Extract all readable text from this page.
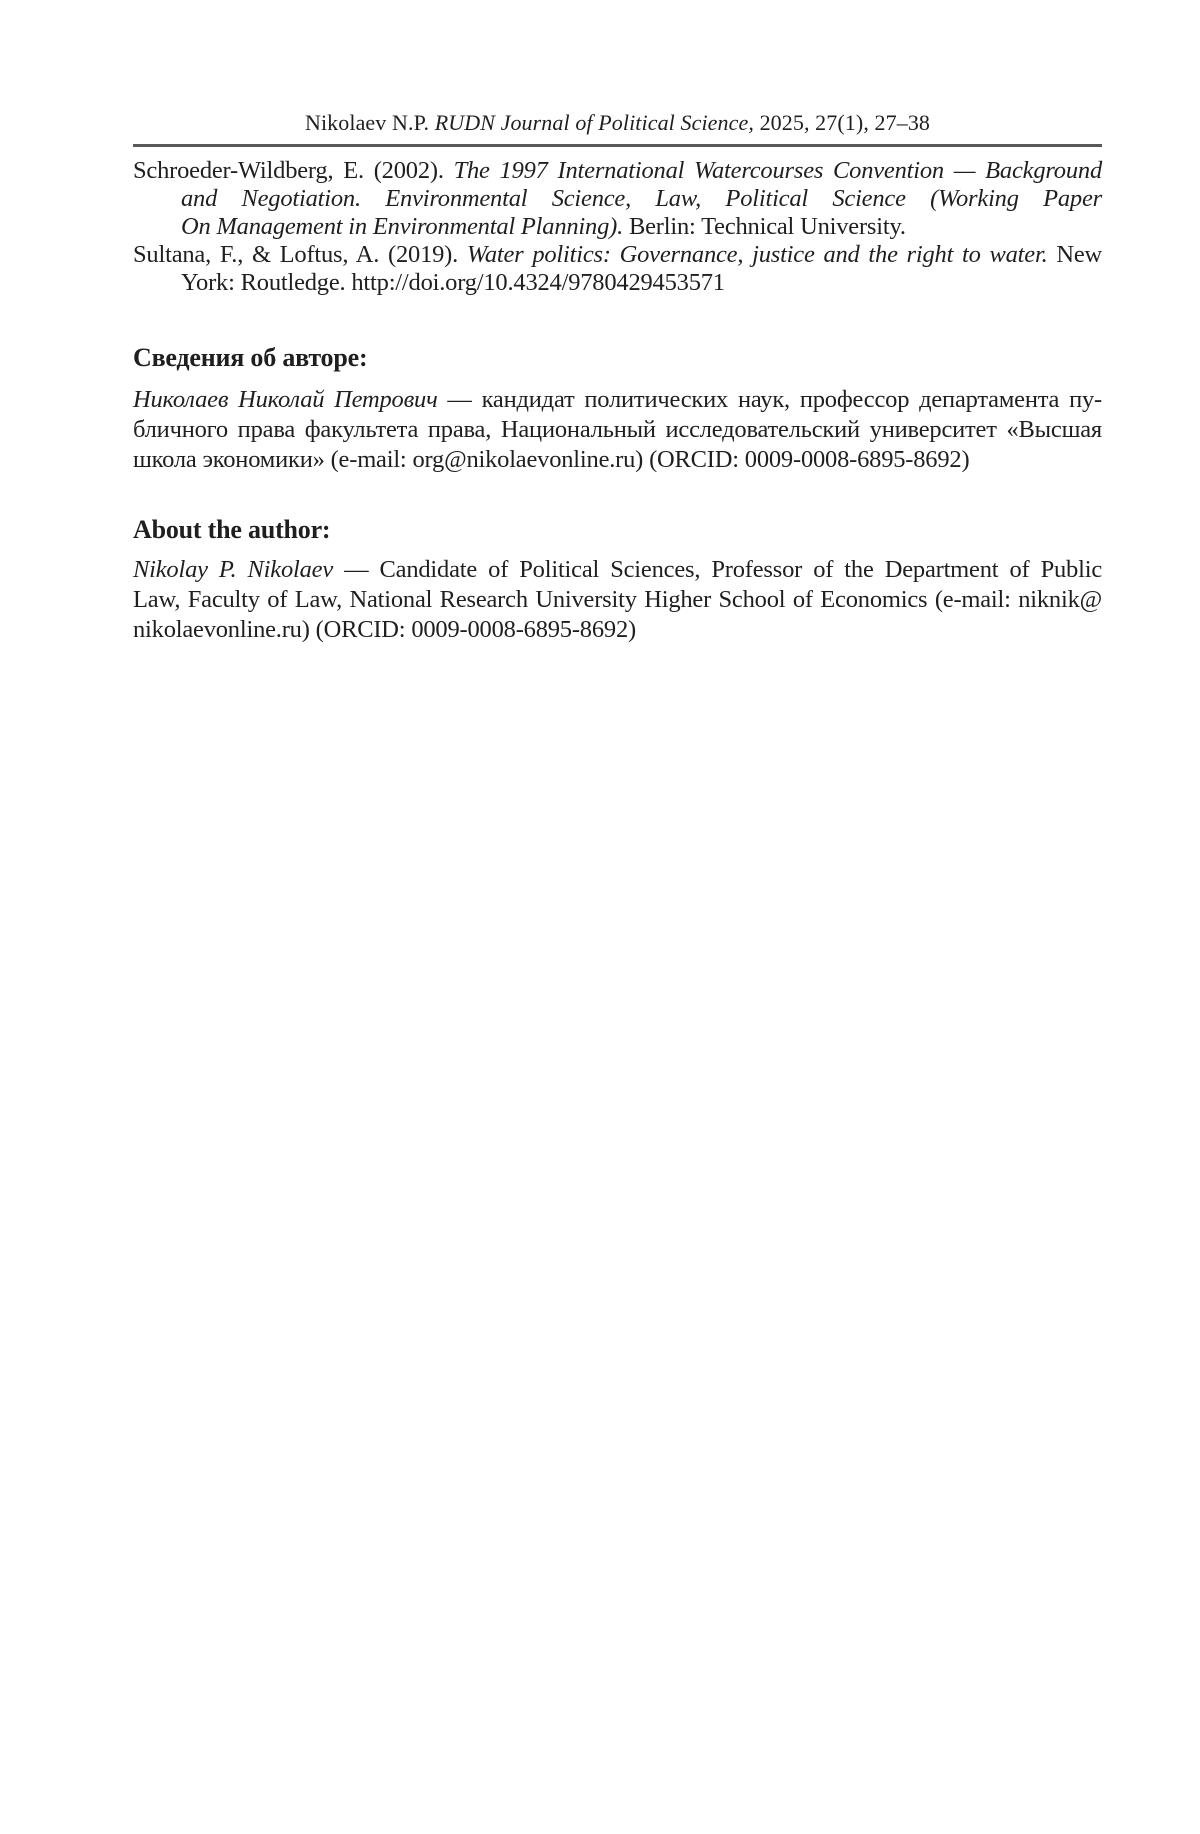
Nikolaev N.P. RUDN Journal of Political Science, 2025, 27(1), 27–38
Schroeder-Wildberg, E. (2002). The 1997 International Watercourses Convention — Background
and Negotiation. Environmental Science, Law, Political Science (Working Paper
On Management in Environmental Planning). Berlin: Technical University.
Sultana, F., & Loftus, A. (2019). Water politics: Governance, justice and the right to water. New
York: Routledge. http://doi.org/10.4324/9780429453571
Сведения об авторе:
Николаев Николай Петрович — кандидат политических наук, профессор департамента пу-
бличного права факультета права, Национальный исследовательский университет «Высшая
школа экономики» (e-mail: org@nikolaevonline.ru) (ORCID: 0009-0008-6895-8692)
About the author:
Nikolay P. Nikolaev — Candidate of Political Sciences, Professor of the Department of Public
Law, Faculty of Law, National Research University Higher School of Economics (e-mail: niknik@
nikolaevonline.ru) (ORCID: 0009-0008-6895-8692)
